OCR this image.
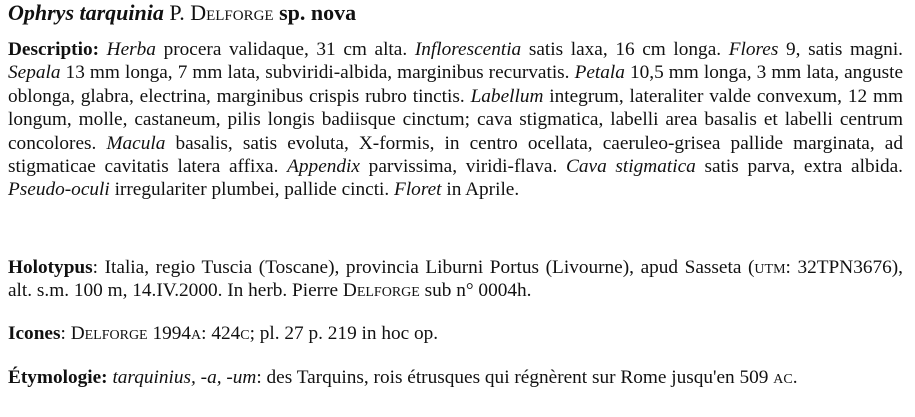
Ophrys tarquinia P. Delforge sp. nova

Descriptio: Herba procera validaque, 31 cm alta. Inflorescentia satis laxa, 16 cm longa. Flores 9, satis magni. Sepala 13 mm longa, 7 mm lata, subviridi-albida, marginibus recurvatis. Petala 10,5 mm longa, 3 mm lata, anguste oblonga, glabra, electrina, marginibus crispis rubro tinctis. Labellum integrum, lateraliter valde convexum, 12 mm longum, molle, castaneum, pilis longis badiisque cinctum; cava stigmatica, labelli area basalis et labelli centrum concolores. Macula basalis, satis evoluta, X-formis, in centro ocellata, caeruleo-grisea pallide marginata, ad stigmaticae cavitatis latera affixa. Appendix parvissima, viridi-flava. Cava stigmatica satis parva, extra albida. Pseudo-oculi irregulariter plumbei, pallide cincti. Floret in Aprile.

Holotypus: Italia, regio Tuscia (Toscane), provincia Liburni Portus (Livourne), apud Sasseta (utm: 32TPN3676), alt. s.m. 100 m, 14.IV.2000. In herb. Pierre Delforge sub n° 0004h.

Icones: Delforge 1994a: 424c; pl. 27 p. 219 in hoc op.

Étymologie: tarquinius, -a, -um: des Tarquins, rois étrusques qui régnèrent sur Rome jusqu'en 509 ac.
